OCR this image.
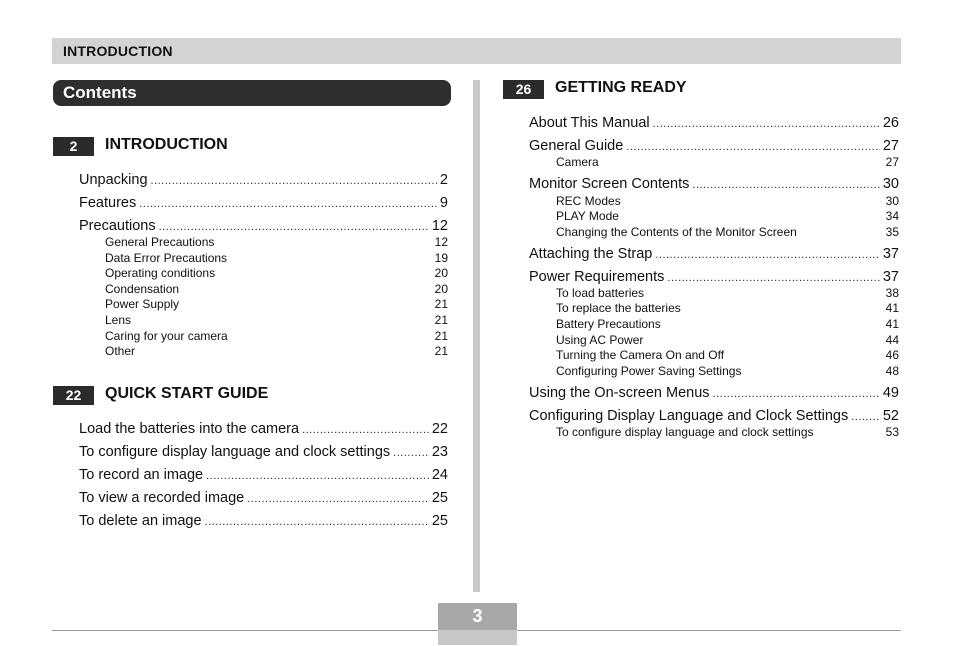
INTRODUCTION
Contents
2	INTRODUCTION
Unpacking .....	2
Features .....	9
Precautions .....	12
General Precautions	12
Data Error Precautions	19
Operating conditions	20
Condensation	20
Power Supply	21
Lens	21
Caring for your camera	21
Other	21
22	QUICK START GUIDE
Load the batteries into the camera .....	22
To configure display language and clock settings .....	23
To record an image .....	24
To view a recorded image .....	25
To delete an image .....	25
26	GETTING READY
About This Manual .....	26
General Guide .....	27
Camera	27
Monitor Screen Contents .....	30
REC Modes	30
PLAY Mode	34
Changing the Contents of the Monitor Screen	35
Attaching the Strap .....	37
Power Requirements .....	37
To load batteries	38
To replace the batteries	41
Battery Precautions	41
Using AC Power	44
Turning the Camera On and Off	46
Configuring Power Saving Settings	48
Using the On-screen Menus .....	49
Configuring Display Language and Clock Settings ..... 52
To configure display language and clock settings	53
3
